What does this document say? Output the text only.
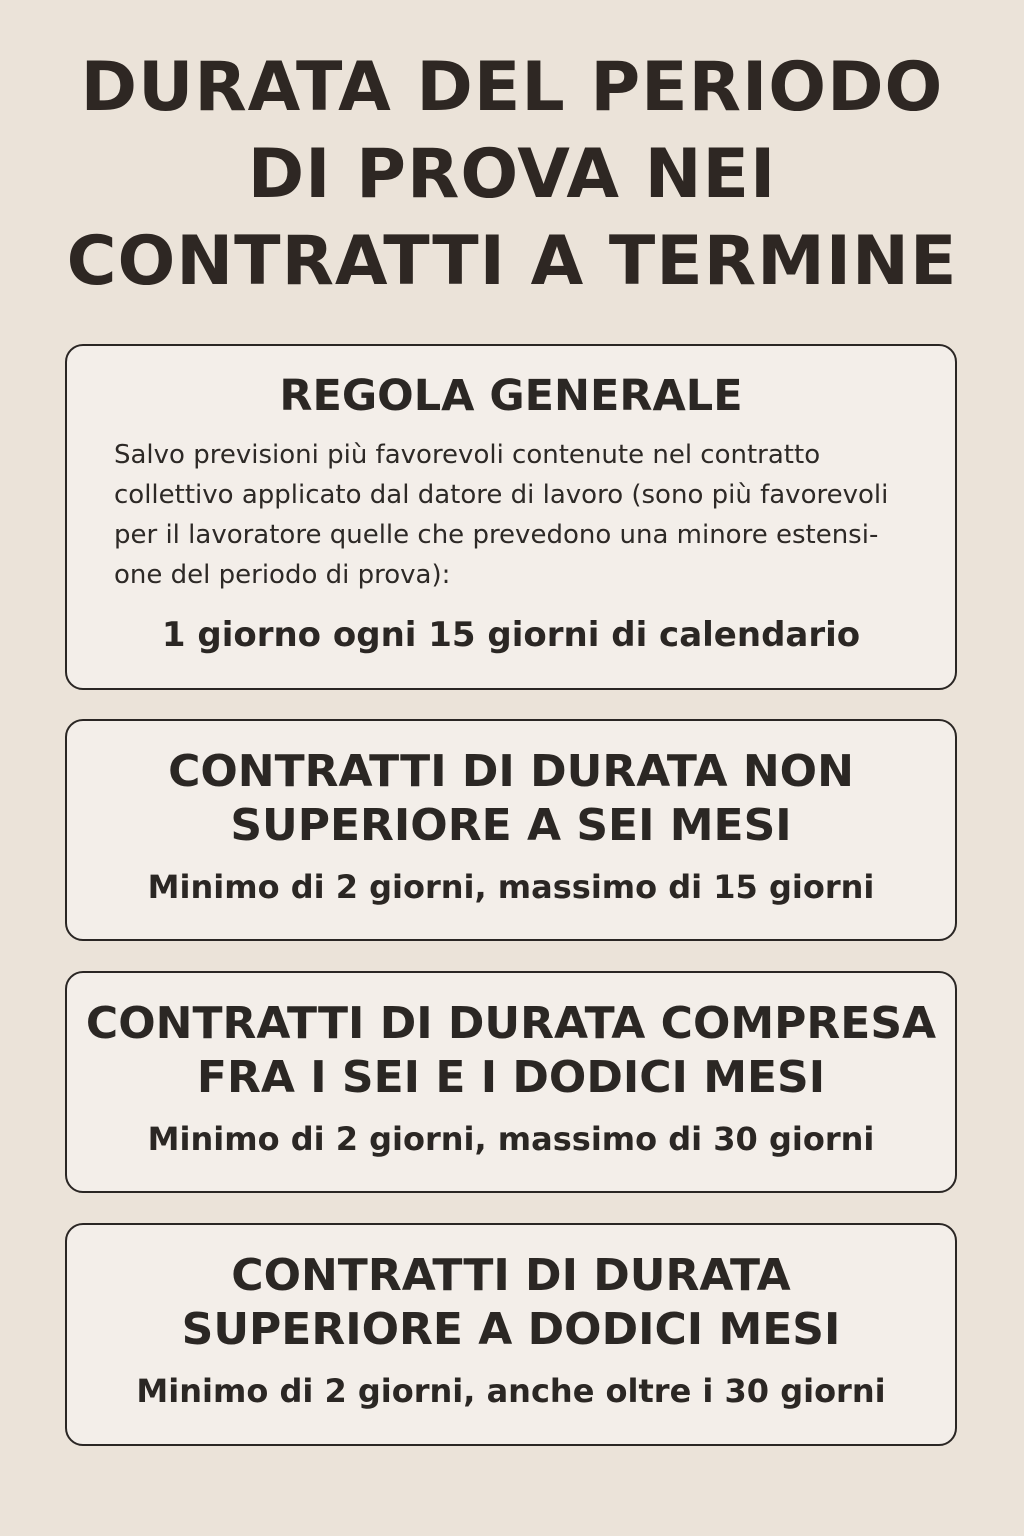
DURATA DEL PERIODO
DI PROVA NEI
CONTRATTI A TERMINE
REGOLA GENERALE

Salvo previsioni più favorevoli contenute nel contratto collettivo applicato dal datore di lavoro (sono più favorevoli per il lavoratore quelle che prevedono una minore estensi-one del periodo di prova):

1 giorno ogni 15 giorni di calendario

CONTRATTI DI DURATA NON
SUPERIORE A SEI MESI

Minimo di 2 giorni, massimo di 15 giorni

CONTRATTI DI DURATA COMPRESA
FRA I SEI E I DODICI MESI

Minimo di 2 giorni, massimo di 30 giorni

CONTRATTI DI DURATA
SUPERIORE A DODICI MESI

Minimo di 2 giorni, anche oltre i 30 giorni
